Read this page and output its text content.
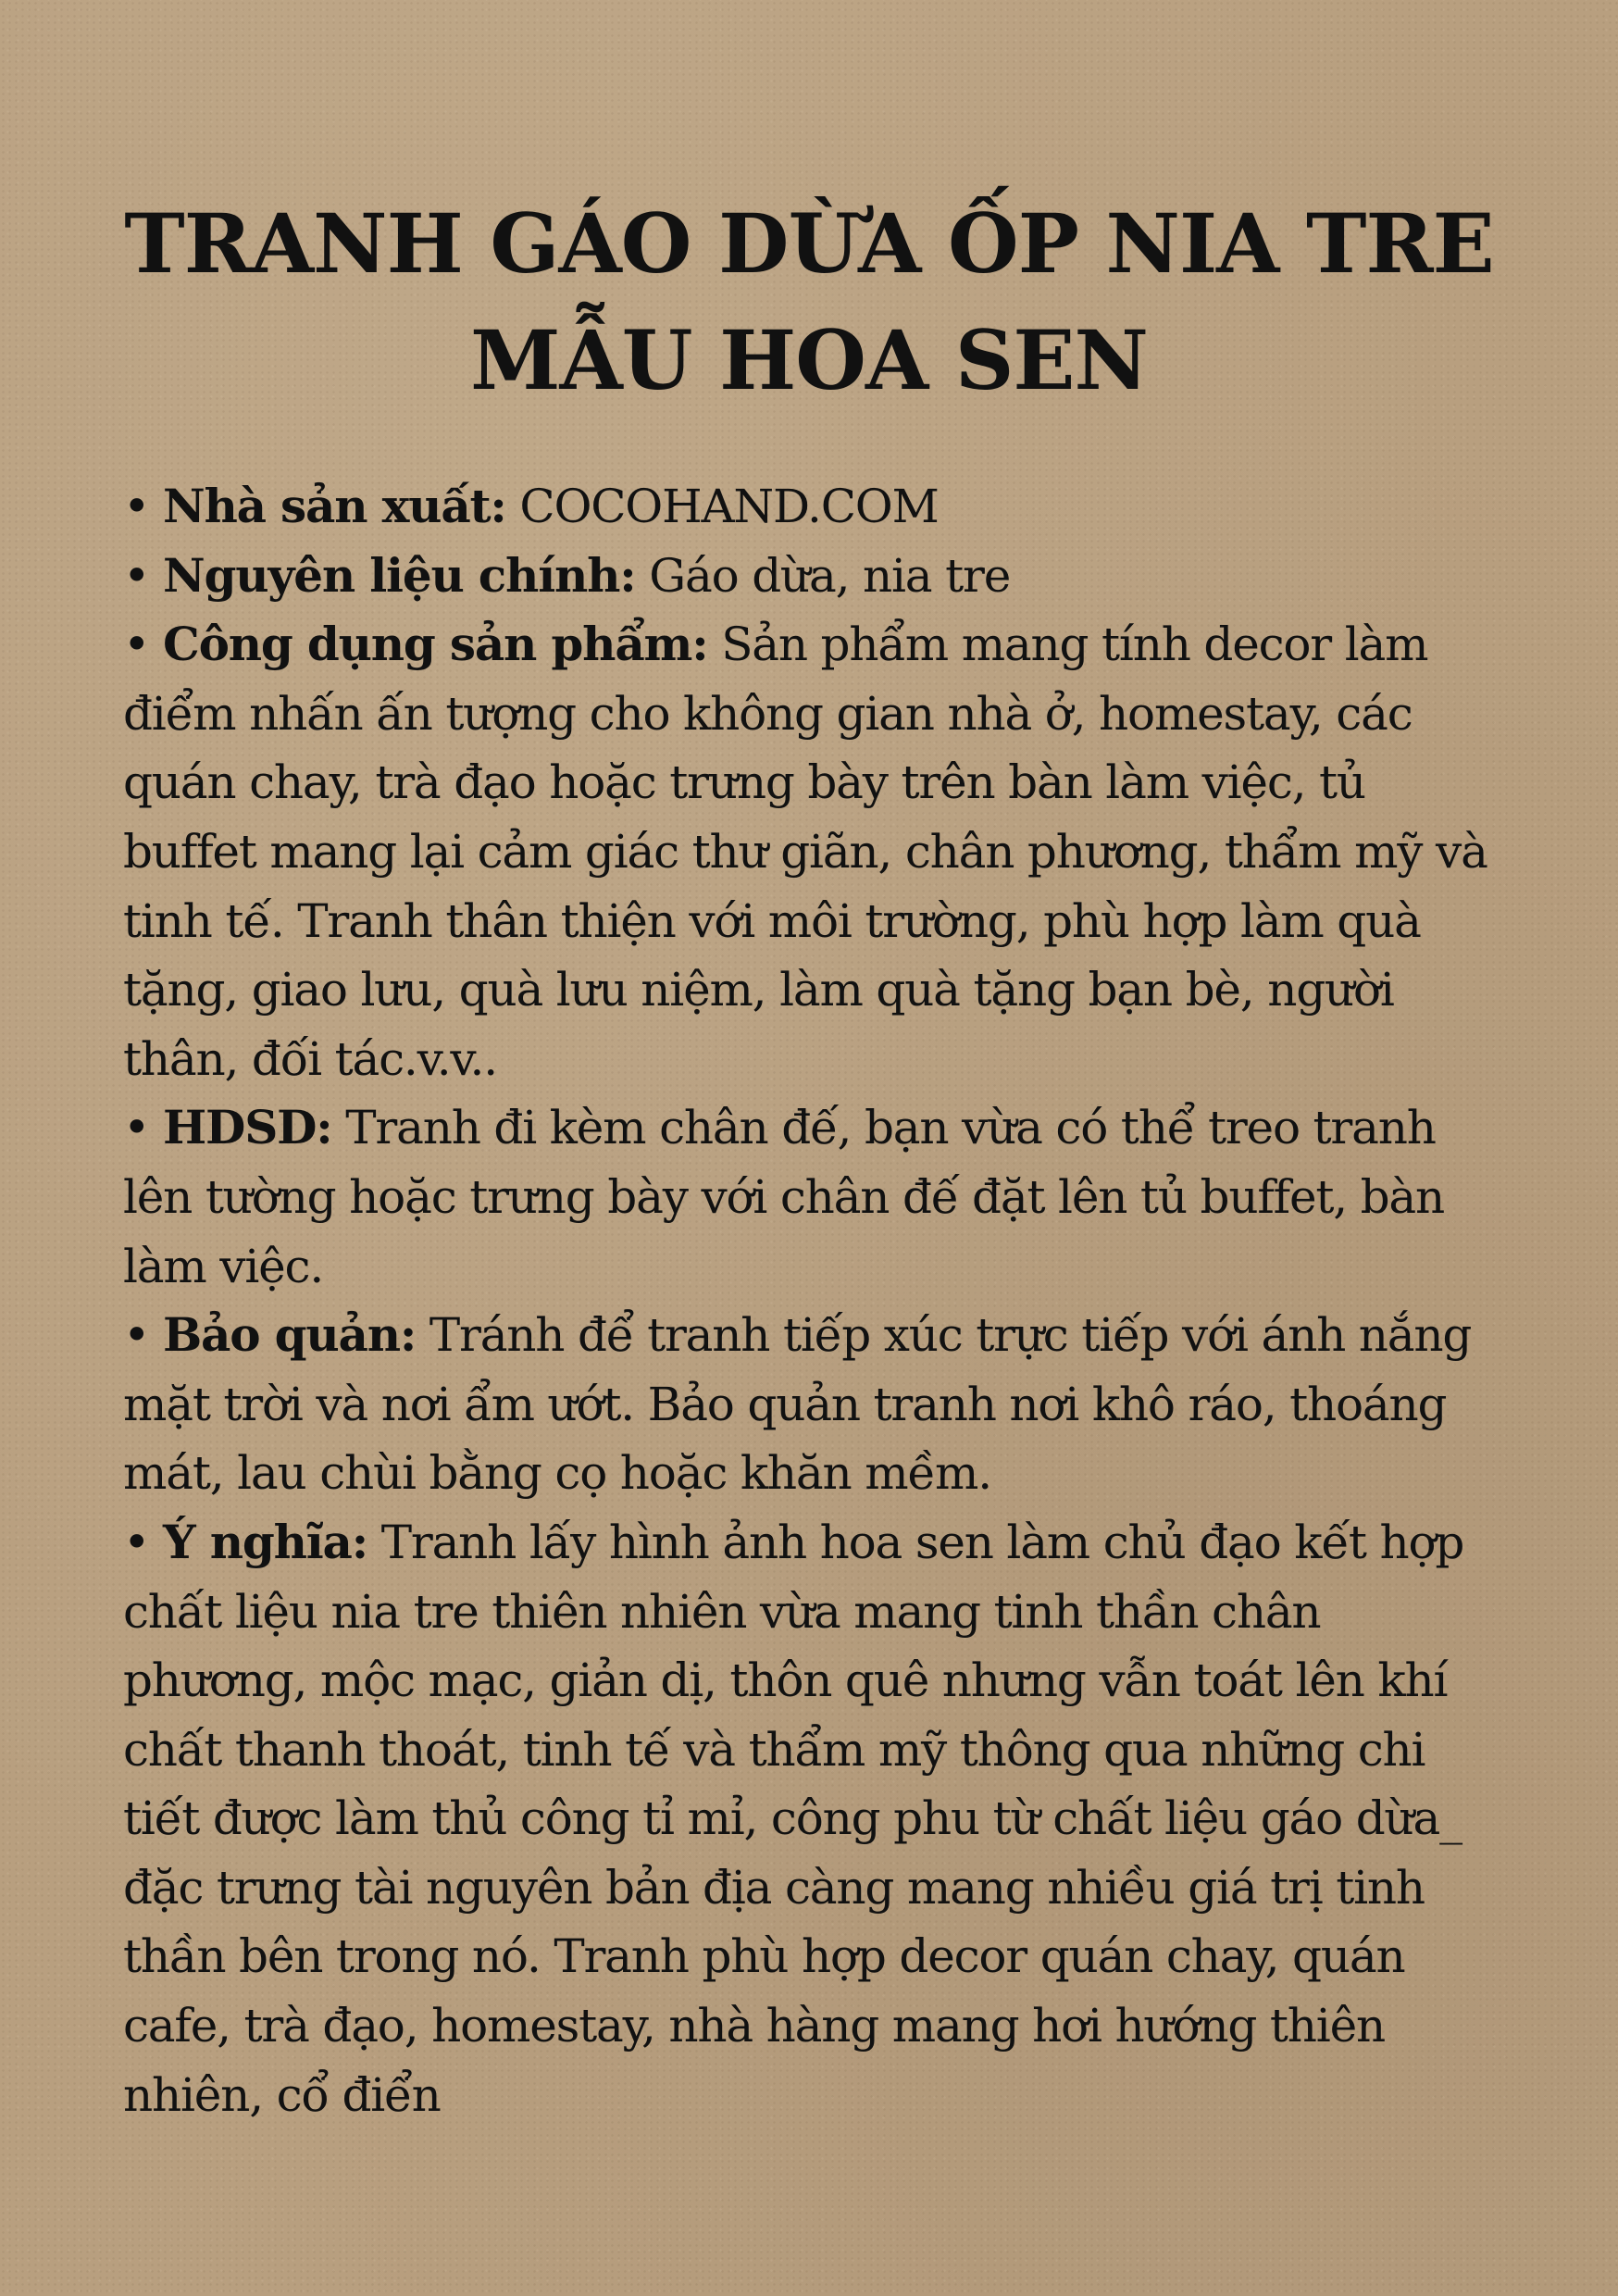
TRANH GÁO DỪA ỐP NIA TRE
MẪU HOA SEN

• Nhà sản xuất: COCOHAND.COM

• Nguyên liệu chính: Gáo dừa, nia tre

• Công dụng sản phẩm: Sản phẩm mang tính decor làm điểm nhấn ấn tượng cho không gian nhà ở, homestay, các quán chay, trà đạo hoặc trưng bày trên bàn làm việc, tủ buffet mang lại cảm giác thư giãn, chân phương, thẩm mỹ và tinh tế. Tranh thân thiện với môi trường, phù hợp làm quà tặng, giao lưu, quà lưu niệm, làm quà tặng bạn bè, người thân, đối tác.v.v..

• HDSD: Tranh đi kèm chân đế, bạn vừa có thể treo tranh lên tường hoặc trưng bày với chân đế đặt lên tủ buffet, bàn làm việc.

• Bảo quản: Tránh để tranh tiếp xúc trực tiếp với ánh nắng mặt trời và nơi ẩm ướt. Bảo quản tranh nơi khô ráo, thoáng mát, lau chùi bằng cọ hoặc khăn mềm.

• Ý nghĩa: Tranh lấy hình ảnh hoa sen làm chủ đạo kết hợp chất liệu nia tre thiên nhiên vừa mang tinh thần chân phương, mộc mạc, giản dị, thôn quê nhưng vẫn toát lên khí chất thanh thoát, tinh tế và thẩm mỹ thông qua những chi tiết được làm thủ công tỉ mỉ, công phu từ chất liệu gáo dừa_ đặc trưng tài nguyên bản địa càng mang nhiều giá trị tinh thần bên trong nó. Tranh phù hợp decor quán chay, quán cafe, trà đạo, homestay, nhà hàng mang hơi hướng thiên nhiên, cổ điển
